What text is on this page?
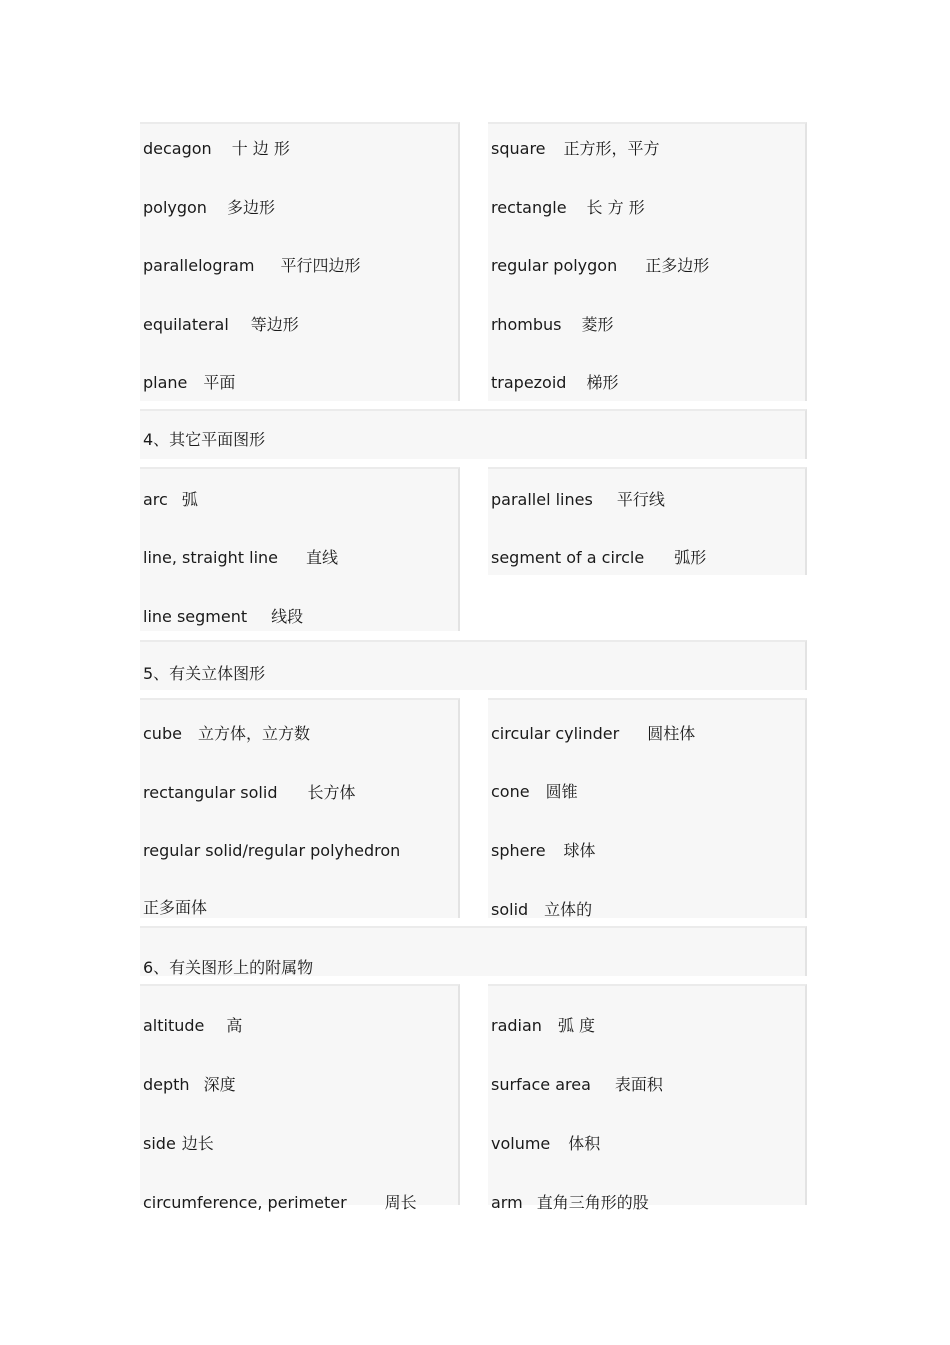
decagon 十 边 形
polygon 多边形
parallelogram 平行四边形
equilateral 等边形
plane 平面
square 正方形，平方
rectangle 长 方 形
regular polygon 正多边形
rhombus 菱形
trapezoid 梯形
4、其它平面图形
arc 弧
line, straight line 直线
line segment 线段
parallel lines 平行线
segment of a circle 弧形
5、有关立体图形
cube 立方体，立方数
rectangular solid 长方体
regular solid/regular polyhedron
正多面体
circular cylinder 圆柱体
cone 圆锥
sphere 球体
solid 立体的
6、有关图形上的附属物
altitude 高
depth 深度
side 边长
circumference, perimeter 周长
radian 弧 度
surface area 表面积
volume 体积
arm 直角三角形的股
